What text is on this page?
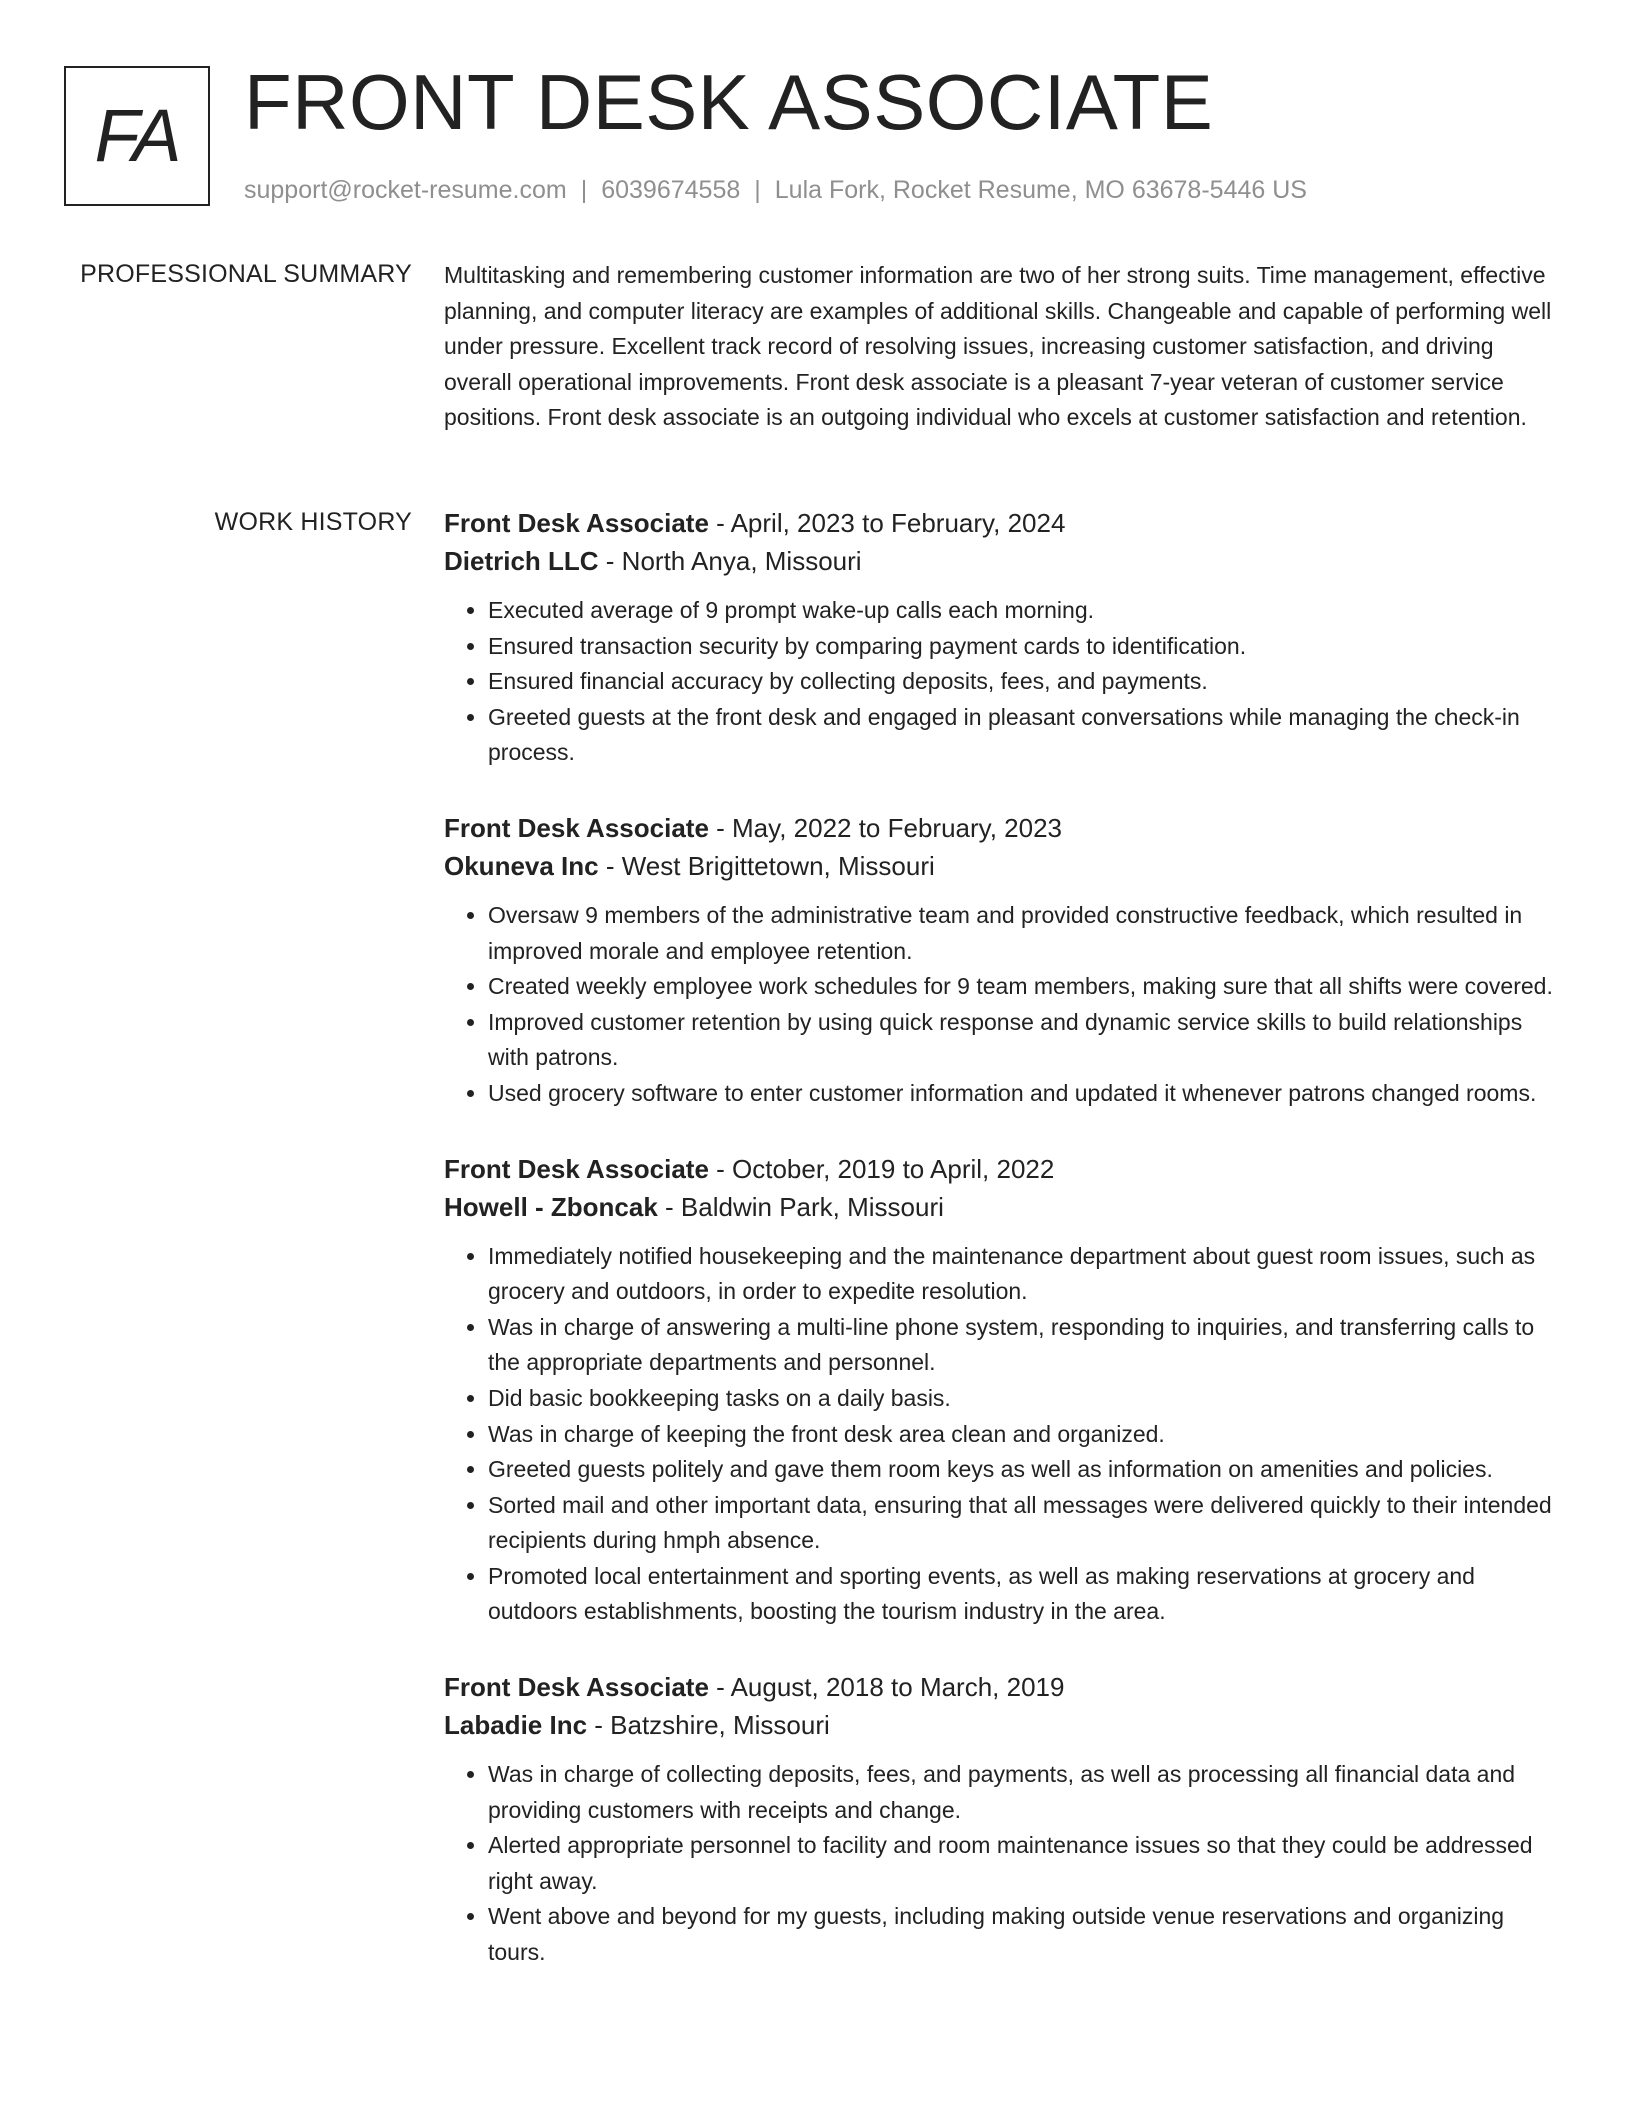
FA FRONT DESK ASSOCIATE
support@rocket-resume.com | 6039674558 | Lula Fork, Rocket Resume, MO 63678-5446 US
PROFESSIONAL SUMMARY Multitasking and remembering customer information are two of her strong suits. Time management, effective planning, and computer literacy are examples of additional skills. Changeable and capable of performing well under pressure. Excellent track record of resolving issues, increasing customer satisfaction, and driving overall operational improvements. Front desk associate is a pleasant 7-year veteran of customer service positions. Front desk associate is an outgoing individual who excels at customer satisfaction and retention.

WORK HISTORY Front Desk Associate - April, 2023 to February, 2024
Dietrich LLC - North Anya, Missouri
• Executed average of 9 prompt wake-up calls each morning.
• Ensured transaction security by comparing payment cards to identification.
• Ensured financial accuracy by collecting deposits, fees, and payments.
• Greeted guests at the front desk and engaged in pleasant conversations while managing the check-in process.
Front Desk Associate - May, 2022 to February, 2023
Okuneva Inc - West Brigittetown, Missouri
• Oversaw 9 members of the administrative team and provided constructive feedback, which resulted in improved morale and employee retention.
• Created weekly employee work schedules for 9 team members, making sure that all shifts were covered.
• Improved customer retention by using quick response and dynamic service skills to build relationships with patrons.
• Used grocery software to enter customer information and updated it whenever patrons changed rooms.
Front Desk Associate - October, 2019 to April, 2022
Howell - Zboncak - Baldwin Park, Missouri
• Immediately notified housekeeping and the maintenance department about guest room issues, such as grocery and outdoors, in order to expedite resolution.
• Was in charge of answering a multi-line phone system, responding to inquiries, and transferring calls to the appropriate departments and personnel.
• Did basic bookkeeping tasks on a daily basis.
• Was in charge of keeping the front desk area clean and organized.
• Greeted guests politely and gave them room keys as well as information on amenities and policies.
• Sorted mail and other important data, ensuring that all messages were delivered quickly to their intended recipients during hmph absence.
• Promoted local entertainment and sporting events, as well as making reservations at grocery and outdoors establishments, boosting the tourism industry in the area.
Front Desk Associate - August, 2018 to March, 2019
Labadie Inc - Batzshire, Missouri
• Was in charge of collecting deposits, fees, and payments, as well as processing all financial data and providing customers with receipts and change.
• Alerted appropriate personnel to facility and room maintenance issues so that they could be addressed right away.
• Went above and beyond for my guests, including making outside venue reservations and organizing tours.
